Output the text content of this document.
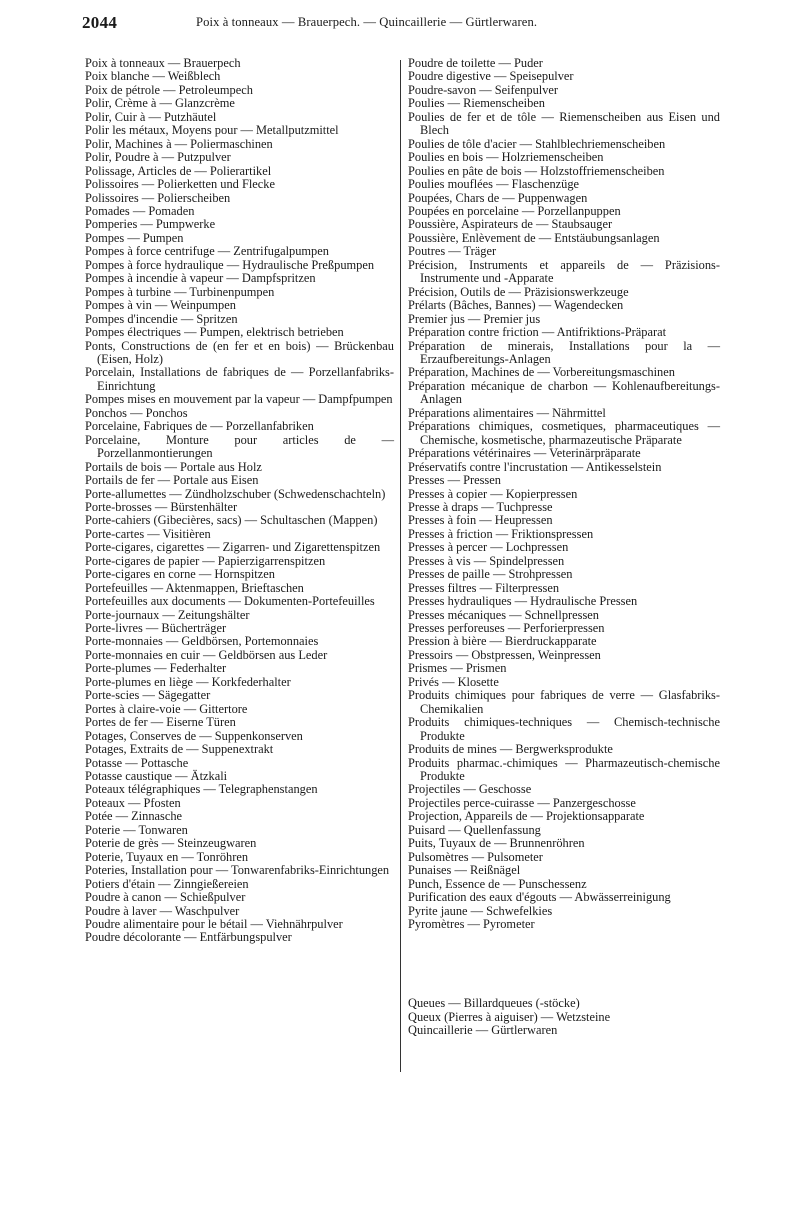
2044	Poix à tonneaux — Brauerpech. — Quincaillerie — Gürtlerwaren.

Poix à tonneaux — Brauerpech

Poix blanche — Weißblech

Poix de pétrole — Petroleumpech

Polir, Crème à — Glanzcrème

Polir, Cuir à — Putzhäutel

Polir les métaux, Moyens pour — Metallputzmittel

Polir, Machines à — Poliermaschinen

Polir, Poudre à — Putzpulver

Polissage, Articles de — Polierartikel

Polissoires — Polierketten und Flecke

Polissoires — Polierscheiben

Pomades — Pomaden

Pomperies — Pumpwerke

Pompes — Pumpen

Pompes à force centrifuge — Zentrifugalpumpen

Pompes à force hydraulique — Hydraulische Preßpumpen

Pompes à incendie à vapeur — Dampfspritzen

Pompes à turbine — Turbinenpumpen

Pompes à vin — Weinpumpen

Pompes d'incendie — Spritzen

Pompes électriques — Pumpen, elektrisch betrieben

Ponts, Constructions de (en fer et en bois) — Brückenbau (Eisen, Holz)

Porcelain, Installations de fabriques de — Porzellanfabriks-Einrichtung

Pompes mises en mouvement par la vapeur — Dampfpumpen

Ponchos — Ponchos

Porcelaine, Fabriques de — Porzellanfabriken

Porcelaine, Monture pour articles de — Porzellanmontierungen

Portails de bois — Portale aus Holz

Portails de fer — Portale aus Eisen

Porte-allumettes — Zündholzschuber (Schwedenschachteln)

Porte-brosses — Bürstenhälter

Porte-cahiers (Gibecières, sacs) — Schultaschen (Mappen)

Porte-cartes — Visitièren

Porte-cigares, cigarettes — Zigarren- und Zigarettenspitzen

Porte-cigares de papier — Papierzigarrenspitzen

Porte-cigares en corne — Hornspitzen

Portefeuilles — Aktenmappen, Brieftaschen

Portefeuilles aux documents — Dokumenten-Portefeuilles

Porte-journaux — Zeitungshälter

Porte-livres — Bücherträger

Porte-monnaies — Geldbörsen, Portemonnaies

Porte-monnaies en cuir — Geldbörsen aus Leder

Porte-plumes — Federhalter

Porte-plumes en liège — Korkfederhalter

Porte-scies — Sägegatter

Portes à claire-voie — Gittertore

Portes de fer — Eiserne Türen

Potages, Conserves de — Suppenkonserven

Potages, Extraits de — Suppenextrakt

Potasse — Pottasche

Potasse caustique — Ätzkali

Poteaux télégraphiques — Telegraphenstangen

Poteaux — Pfosten

Potée — Zinnasche

Poterie — Tonwaren

Poterie de grès — Steinzeugwaren

Poterie, Tuyaux en — Tonröhren

Poteries, Installation pour — Tonwarenfabriks-Einrichtungen

Potiers d'étain — Zinngießereien

Poudre à canon — Schießpulver

Poudre à laver — Waschpulver

Poudre alimentaire pour le bétail — Viehnährpulver

Poudre décolorante — Entfärbungspulver

Poudre de toilette — Puder

Poudre digestive — Speisepulver

Poudre-savon — Seifenpulver

Poulies — Riemenscheiben

Poulies de fer et de tôle — Riemenscheiben aus Eisen und Blech

Poulies de tôle d'acier — Stahlblechriemenscheiben

Poulies en bois — Holzriemenscheiben

Poulies en pâte de bois — Holzstoffriemenscheiben

Poulies mouflées — Flaschenzüge

Poupées, Chars de — Puppenwagen

Poupées en porcelaine — Porzellanpuppen

Poussière, Aspirateurs de — Staubsauger

Poussière, Enlèvement de — Entstäubungsanlagen

Poutres — Träger

Précision, Instruments et appareils de — Präzisions-Instrumente und -Apparate

Précision, Outils de — Präzisionswerkzeuge

Prélarts (Bâches, Bannes) — Wagendecken

Premier jus — Premier jus

Préparation contre friction — Antifriktions-Präparat

Préparation de minerais, Installations pour la — Erzaufbereitungs-Anlagen

Préparation, Machines de — Vorbereitungsmaschinen

Préparation mécanique de charbon — Kohlenaufbereitungs-Anlagen

Préparations alimentaires — Nährmittel

Préparations chimiques, cosmetiques, pharmaceutiques — Chemische, kosmetische, pharmazeutische Präparate

Préparations vétérinaires — Veterinärpräparate

Préservatifs contre l'incrustation — Antikesselstein

Presses — Pressen

Presses à copier — Kopierpressen

Presse à draps — Tuchpresse

Presses à foin — Heupressen

Presses à friction — Friktionspressen

Presses à percer — Lochpressen

Presses à vis — Spindelpressen

Presses de paille — Strohpressen

Presses filtres — Filterpressen

Presses hydrauliques — Hydraulische Pressen

Presses mécaniques — Schnellpressen

Presses perforeuses — Perforierpressen

Pression à bière — Bierdruckapparate

Pressoirs — Obstpressen, Weinpressen

Prismes — Prismen

Privés — Klosette

Produits chimiques pour fabriques de verre — Glasfabriks-Chemikalien

Produits chimiques-techniques — Chemisch-technische Produkte

Produits de mines — Bergwerksprodukte

Produits pharmac.-chimiques — Pharmazeutisch-chemische Produkte

Projectiles — Geschosse

Projectiles perce-cuirasse — Panzergeschosse

Projection, Appareils de — Projektionsapparate

Puisard — Quellenfassung

Puits, Tuyaux de — Brunnenröhren

Pulsomètres — Pulsometer

Punaises — Reißnägel

Punch, Essence de — Punschessenz

Purification des eaux d'égouts — Abwässerreinigung

Pyrite jaune — Schwefelkies

Pyromètres — Pyrometer

Queues — Billardqueues (-stöcke)

Queux (Pierres à aiguiser) — Wetzsteine

Quincaillerie — Gürtlerwaren
